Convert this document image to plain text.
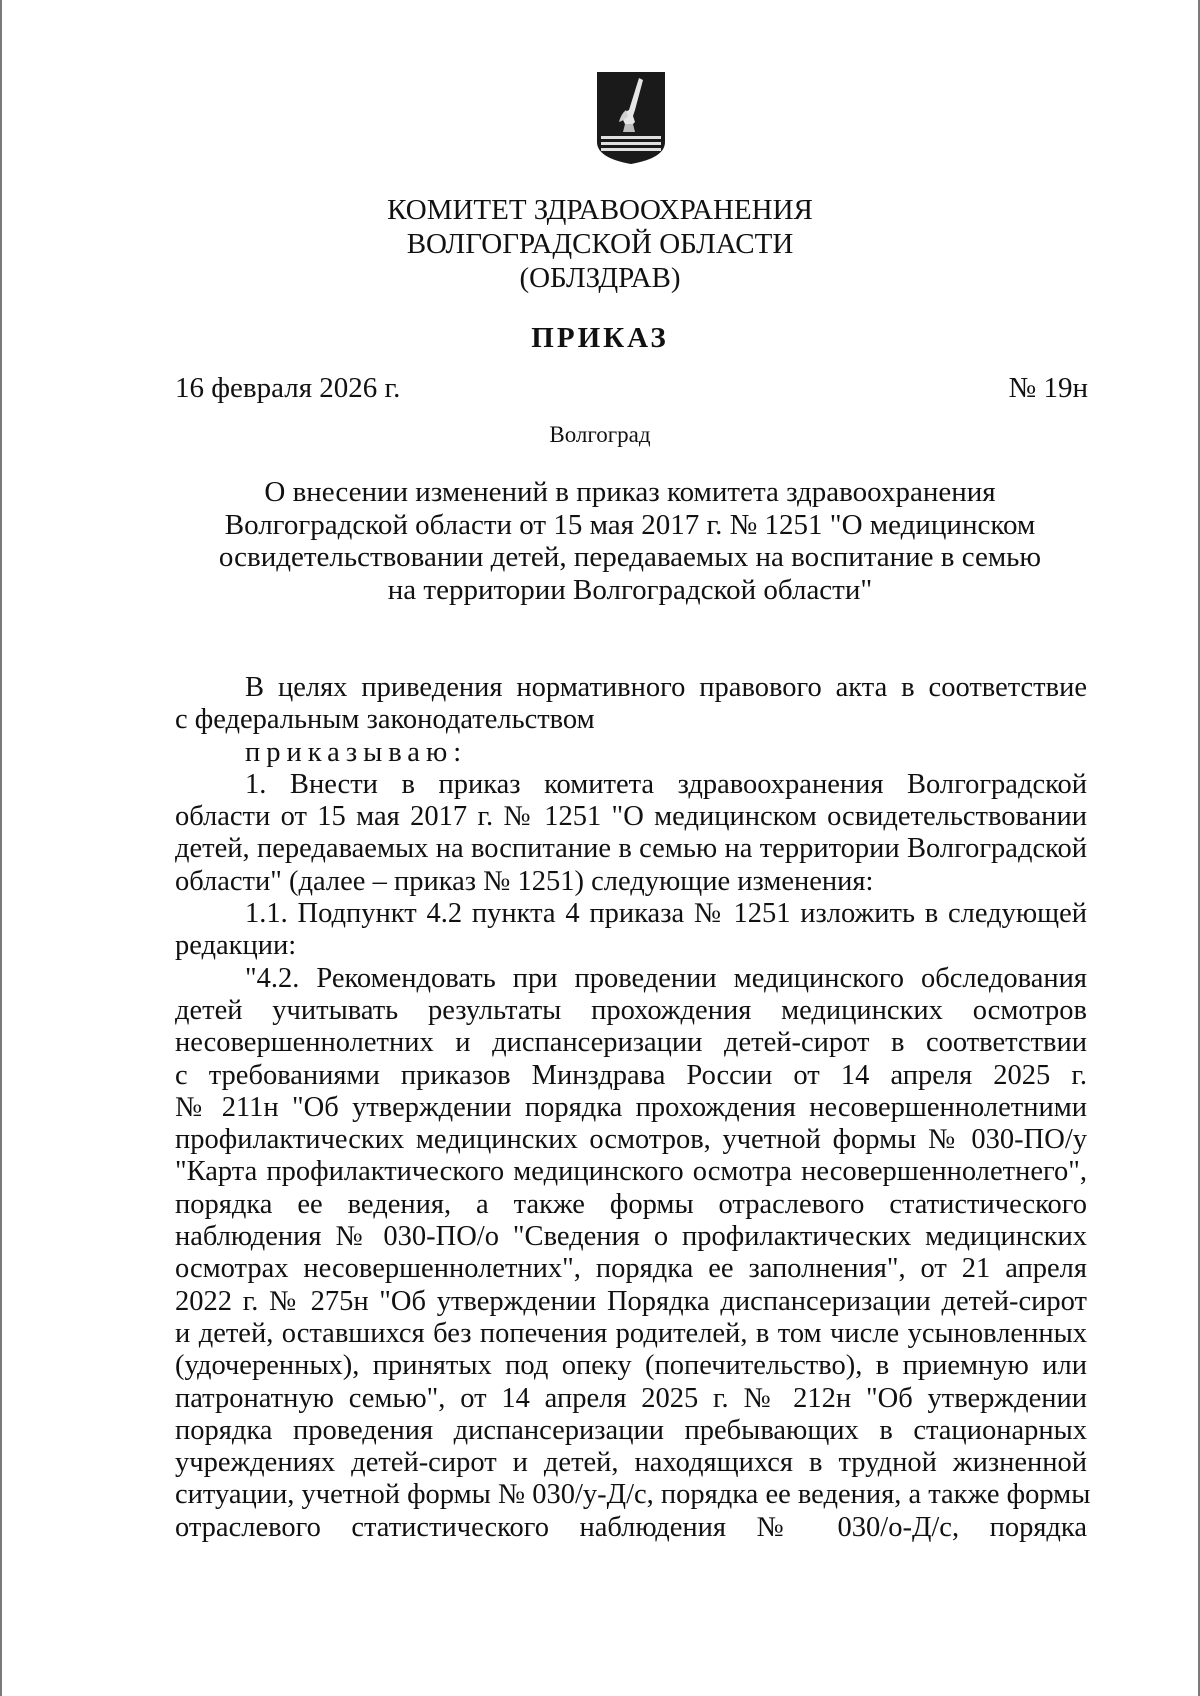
КОМИТЕТ ЗДРАВООХРАНЕНИЯ
ВОЛГОГРАДСКОЙ ОБЛАСТИ
(ОБЛЗДРАВ)
ПРИКАЗ
16 февраля 2026 г.	№ 19н
Волгоград
О внесении изменений в приказ комитета здравоохранения
Волгоградской области от 15 мая 2017 г. № 1251 "О медицинском
освидетельствовании детей, передаваемых на воспитание в семью
на территории Волгоградской области"
В целях приведения нормативного правового акта в соответствие
с федеральным законодательством
приказываю:
1. Внести в приказ комитета здравоохранения Волгоградской
области от 15 мая 2017 г. № 1251 "О медицинском освидетельствовании
детей, передаваемых на воспитание в семью на территории Волгоградской
области" (далее – приказ № 1251) следующие изменения:
1.1. Подпункт 4.2 пункта 4 приказа № 1251 изложить в следующей
редакции:
"4.2. Рекомендовать при проведении медицинского обследования
детей учитывать результаты прохождения медицинских осмотров
несовершеннолетних и диспансеризации детей-сирот в соответствии
с требованиями приказов Минздрава России от 14 апреля 2025 г.
№ 211н "Об утверждении порядка прохождения несовершеннолетними
профилактических медицинских осмотров, учетной формы № 030-ПО/у
"Карта профилактического медицинского осмотра несовершеннолетнего",
порядка ее ведения, а также формы отраслевого статистического
наблюдения № 030-ПО/о "Сведения о профилактических медицинских
осмотрах несовершеннолетних", порядка ее заполнения", от 21 апреля
2022 г. № 275н "Об утверждении Порядка диспансеризации детей-сирот
и детей, оставшихся без попечения родителей, в том числе усыновленных
(удочеренных), принятых под опеку (попечительство), в приемную или
патронатную семью", от 14 апреля 2025 г. № 212н "Об утверждении
порядка проведения диспансеризации пребывающих в стационарных
учреждениях детей-сирот и детей, находящихся в трудной жизненной
ситуации, учетной формы № 030/у-Д/с, порядка ее ведения, а также формы
отраслевого статистического наблюдения № 030/о-Д/с, порядка
